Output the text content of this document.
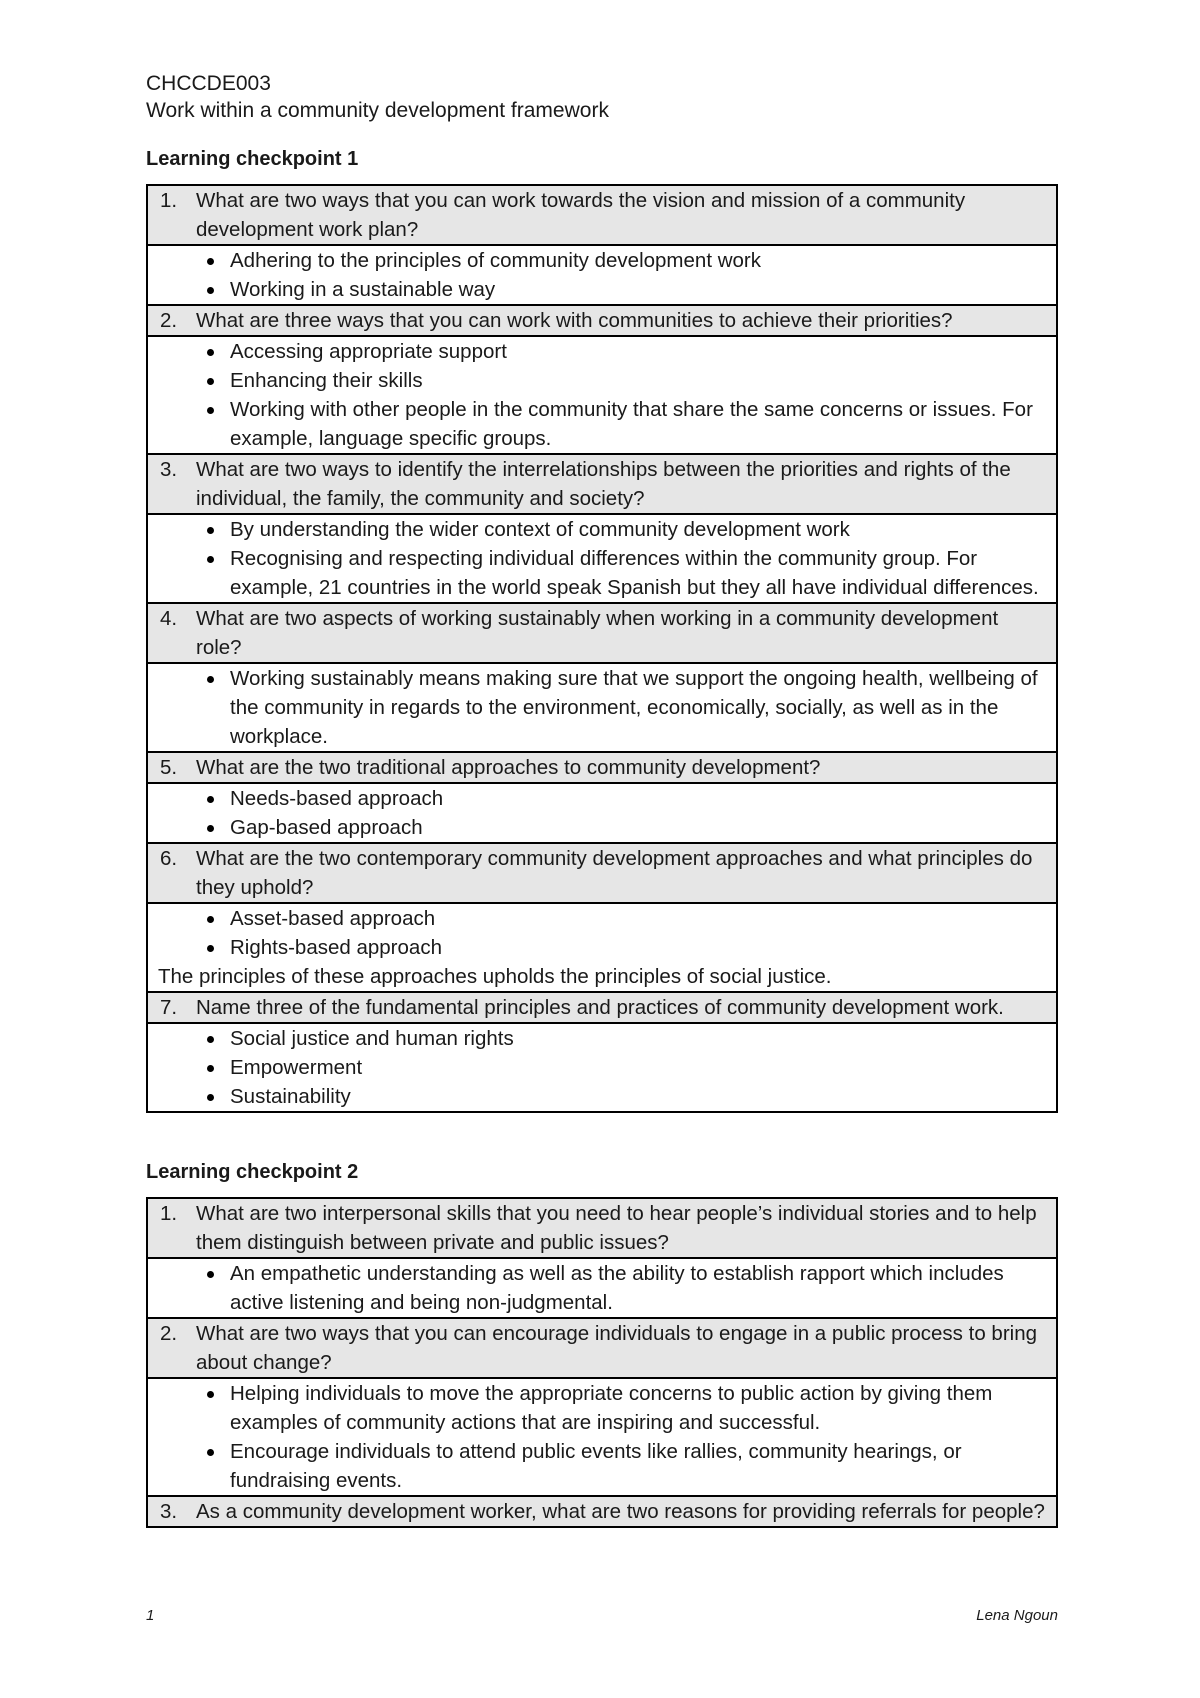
CHCCDE003

Work within a community development framework

Learning checkpoint 1
1. What are two ways that you can work towards the vision and mission of a community development work plan?

Adhering to the principles of community development work
Working in a sustainable way

2. What are three ways that you can work with communities to achieve their priorities?

Accessing appropriate support
Enhancing their skills
Working with other people in the community that share the same concerns or issues. For example, language specific groups.

3. What are two ways to identify the interrelationships between the priorities and rights of the individual, the family, the community and society?

By understanding the wider context of community development work
Recognising and respecting individual differences within the community group. For example, 21 countries in the world speak Spanish but they all have individual differences.

4. What are two aspects of working sustainably when working in a community development role?

Working sustainably means making sure that we support the ongoing health, wellbeing of the community in regards to the environment, economically, socially, as well as in the workplace.

5. What are the two traditional approaches to community development?

Needs-based approach
Gap-based approach

6. What are the two contemporary community development approaches and what principles do they uphold?

Asset-based approach
Rights-based approach
The principles of these approaches upholds the principles of social justice.

7. Name three of the fundamental principles and practices of community development work.

Social justice and human rights
Empowerment
Sustainability
Learning checkpoint 2
1. What are two interpersonal skills that you need to hear people’s individual stories and to help them distinguish between private and public issues?

An empathetic understanding as well as the ability to establish rapport which includes active listening and being non-judgmental.

2. What are two ways that you can encourage individuals to engage in a public process to bring about change?

Helping individuals to move the appropriate concerns to public action by giving them examples of community actions that are inspiring and successful.
Encourage individuals to attend public events like rallies, community hearings, or fundraising events.

3. As a community development worker, what are two reasons for providing referrals for people?
1	Lena Ngoun
